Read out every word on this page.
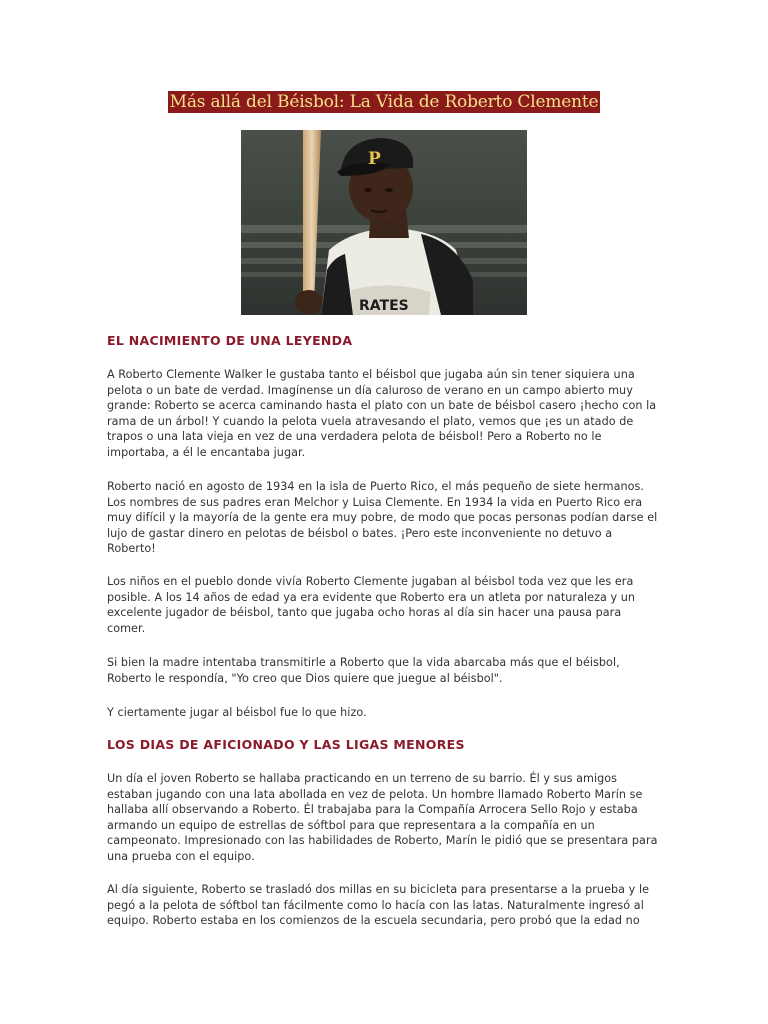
Más allá del Béisbol: La Vida de Roberto Clemente
RATES
P
EL NACIMIENTO DE UNA LEYENDA

A Roberto Clemente Walker le gustaba tanto el béisbol que jugaba aún sin tener siquiera una pelota o un bate de verdad. Imagínense un día caluroso de verano en un campo abierto muy grande: Roberto se acerca caminando hasta el plato con un bate de béisbol casero ¡hecho con la rama de un árbol! Y cuando la pelota vuela atravesando el plato, vemos que ¡es un atado de trapos o una lata vieja en vez de una verdadera pelota de béisbol! Pero a Roberto no le importaba, a él le encantaba jugar.

Roberto nació en agosto de 1934 en la isla de Puerto Rico, el más pequeño de siete hermanos. Los nombres de sus padres eran Melchor y Luisa Clemente. En 1934 la vida en Puerto Rico era muy difícil y la mayoría de la gente era muy pobre, de modo que pocas personas podían darse el lujo de gastar dinero en pelotas de béisbol o bates. ¡Pero este inconveniente no detuvo a Roberto!

Los niños en el pueblo donde vivía Roberto Clemente jugaban al béisbol toda vez que les era posible. A los 14 años de edad ya era evidente que Roberto era un atleta por naturaleza y un excelente jugador de béisbol, tanto que jugaba ocho horas al día sin hacer una pausa para comer.

Si bien la madre intentaba transmitirle a Roberto que la vida abarcaba más que el béisbol, Roberto le respondía, "Yo creo que Dios quiere que juegue al béisbol".

Y ciertamente jugar al béisbol fue lo que hizo.

LOS DIAS DE AFICIONADO Y LAS LIGAS MENORES

Un día el joven Roberto se hallaba practicando en un terreno de su barrio. Él y sus amigos estaban jugando con una lata abollada en vez de pelota. Un hombre llamado Roberto Marín se hallaba allí observando a Roberto. Él trabajaba para la Compañía Arrocera Sello Rojo y estaba armando un equipo de estrellas de sóftbol para que representara a la compañía en un campeonato. Impresionado con las habilidades de Roberto, Marín le pidió que se presentara para una prueba con el equipo.

Al día siguiente, Roberto se trasladó dos millas en su bicicleta para presentarse a la prueba y le pegó a la pelota de sóftbol tan fácilmente como lo hacía con las latas. Naturalmente ingresó al equipo. Roberto estaba en los comienzos de la escuela secundaria, pero probó que la edad no
